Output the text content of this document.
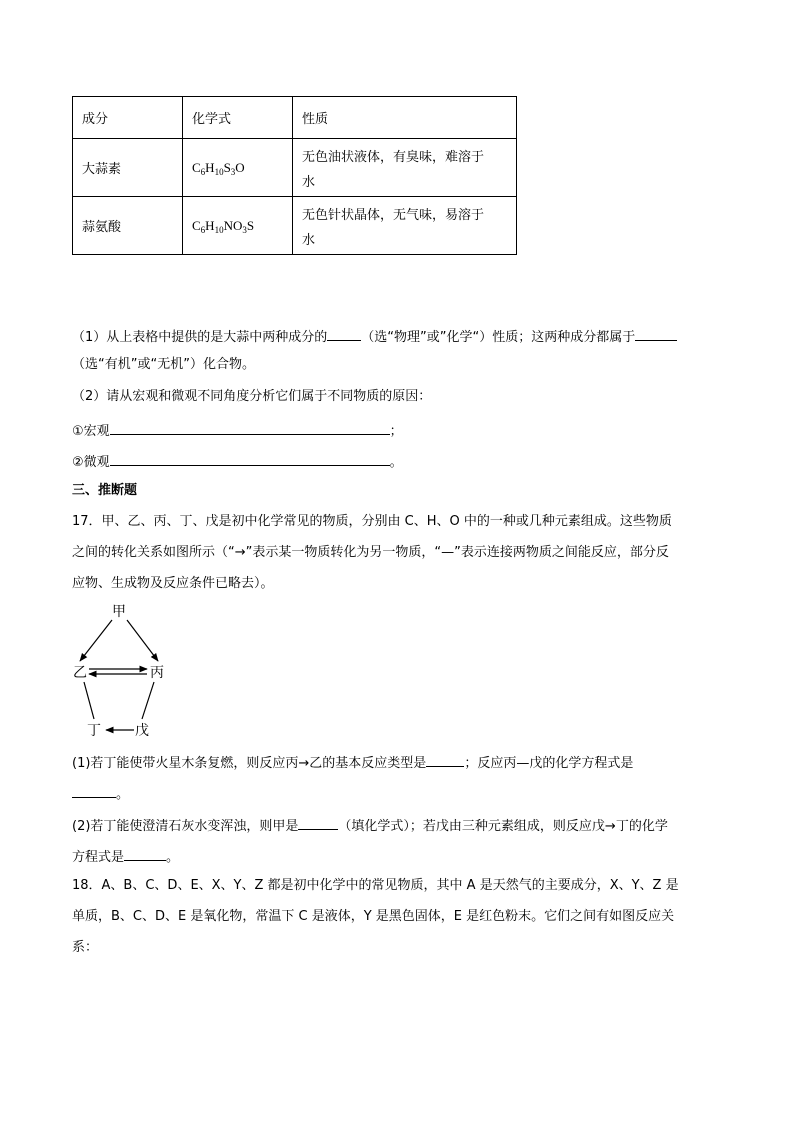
成分	化学式	性质
大蒜素	$C_6H_{10}S_3O$	无色油状液体，有臭味，难溶于
水

蒜氨酸	$C_6H_{10}NO_3S$	无色针状晶体，无气味，易溶于
水
（1）从上表格中提供的是大蒜中两种成分的	（选“物理”或”化学“）性质；这两种成分都属于
（选“有机”或“无机”）化合物。
（2）请从宏观和微观不同角度分析它们属于不同物质的原因：
①宏观	；
②微观	。
三、推断题
17．甲、乙、丙、丁、戊是初中化学常见的物质，分别由 C、H、O 中的一种或几种元素组成。这些物质
之间的转化关系如图所示（“→”表示某一物质转化为另一物质，“—”表示连接两物质之间能反应，部分反
应物、生成物及反应条件已略去）。
甲
乙	丙
丁 戊
(1)若丁能使带火星木条复燃，则反应丙→乙的基本反应类型是	；反应丙—戊的化学方程式是
。
(2)若丁能使澄清石灰水变浑浊，则甲是	（填化学式）；若戊由三种元素组成，则反应戊→丁的化学
方程式是	。
18．A、B、C、D、E、X、Y、Z 都是初中化学中的常见物质，其中 A 是天然气的主要成分，X、Y、Z 是
单质，B、C、D、E 是氧化物，常温下 C 是液体，Y 是黑色固体，E 是红色粉末。它们之间有如图反应关
系：
